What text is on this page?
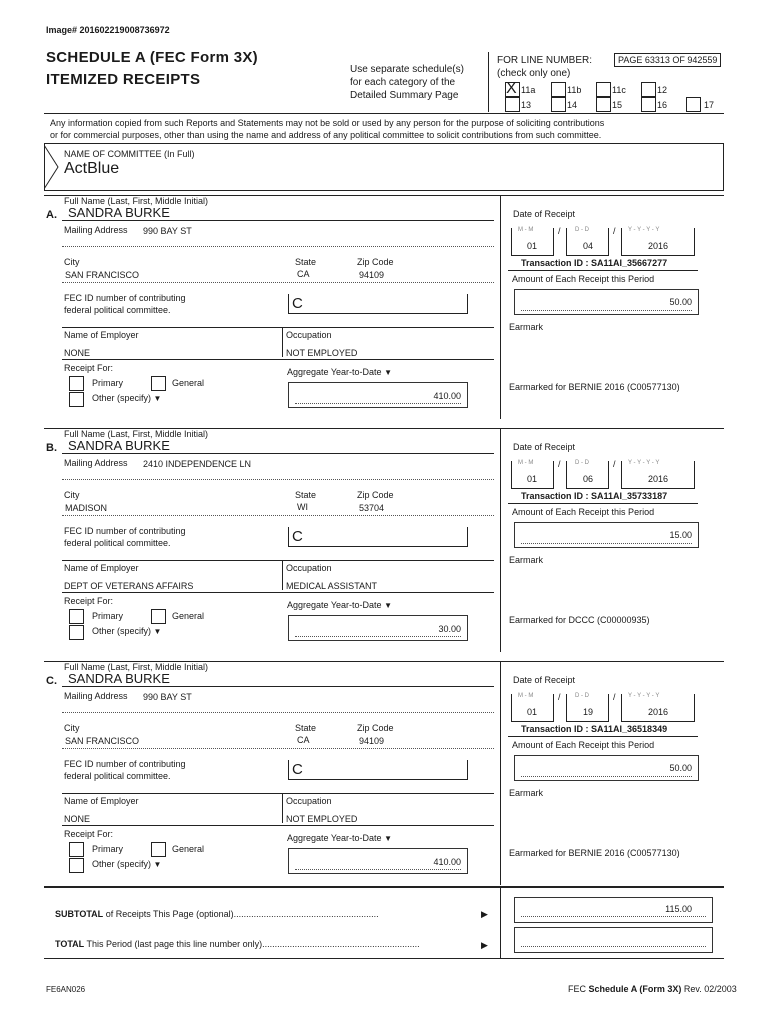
Image# 201602219008736972
SCHEDULE A (FEC Form 3X)
ITEMIZED RECEIPTS
Use separate schedule(s)
for each category of the
Detailed Summary Page
FOR LINE NUMBER:
(check only one)
PAGE 63313 OF 942559
X 11a	11b	11c	12
13	14	15	16	17
Any information copied from such Reports and Statements may not be sold or used by any person for the purpose of soliciting contributions
or for commercial purposes, other than using the name and address of any political committee to solicit contributions from such committee.
NAME OF COMMITTEE (In Full)
ActBlue
Full Name (Last, First, Middle Initial)
A. SANDRA BURKE
Mailing Address 990 BAY ST
City
SAN FRANCISCO
State
CA
Zip Code
94109
FEC ID number of contributing
federal political committee.	C
Name of Employer
NONE
Occupation
NOT EMPLOYED
Receipt For:
Primary	General
Other (specify) ▼
Aggregate Year-to-Date ▼
410.00
Date of Receipt
M - M
01
/ D - D
04
/ Y - Y - Y - Y
2016
Transaction ID : SA11AI_35667277
Amount of Each Receipt this Period
50.00
Earmark
Earmarked for BERNIE 2016 (C00577130)
Full Name (Last, First, Middle Initial)
B. SANDRA BURKE
Mailing Address 2410 INDEPENDENCE LN
City
MADISON
State
WI
Zip Code
53704
FEC ID number of contributing
federal political committee.	C
Name of Employer
DEPT OF VETERANS AFFAIRS
Occupation
MEDICAL ASSISTANT
Receipt For:
Primary	General
Other (specify) ▼
Aggregate Year-to-Date ▼
30.00
Date of Receipt
M - M
01
/ D - D
06
/ Y - Y - Y - Y
2016
Transaction ID : SA11AI_35733187
Amount of Each Receipt this Period
15.00
Earmark
Earmarked for DCCC (C00000935)
Full Name (Last, First, Middle Initial)
C. SANDRA BURKE
Mailing Address 990 BAY ST
City
SAN FRANCISCO
State
CA
Zip Code
94109
FEC ID number of contributing
federal political committee.	C
Name of Employer
NONE
Occupation
NOT EMPLOYED
Receipt For:
Primary	General
Other (specify) ▼
Aggregate Year-to-Date ▼
410.00
Date of Receipt
M - M
01
/ D - D
19
/ Y - Y - Y - Y
2016
Transaction ID : SA11AI_36518349
Amount of Each Receipt this Period
50.00
Earmark
Earmarked for BERNIE 2016 (C00577130)
SUBTOTAL of Receipts This Page (optional)..........................................................	▶	115.00
TOTAL This Period (last page this line number only)...............................................................	▶
FE6AN026	FEC Schedule A (Form 3X) Rev. 02/2003
